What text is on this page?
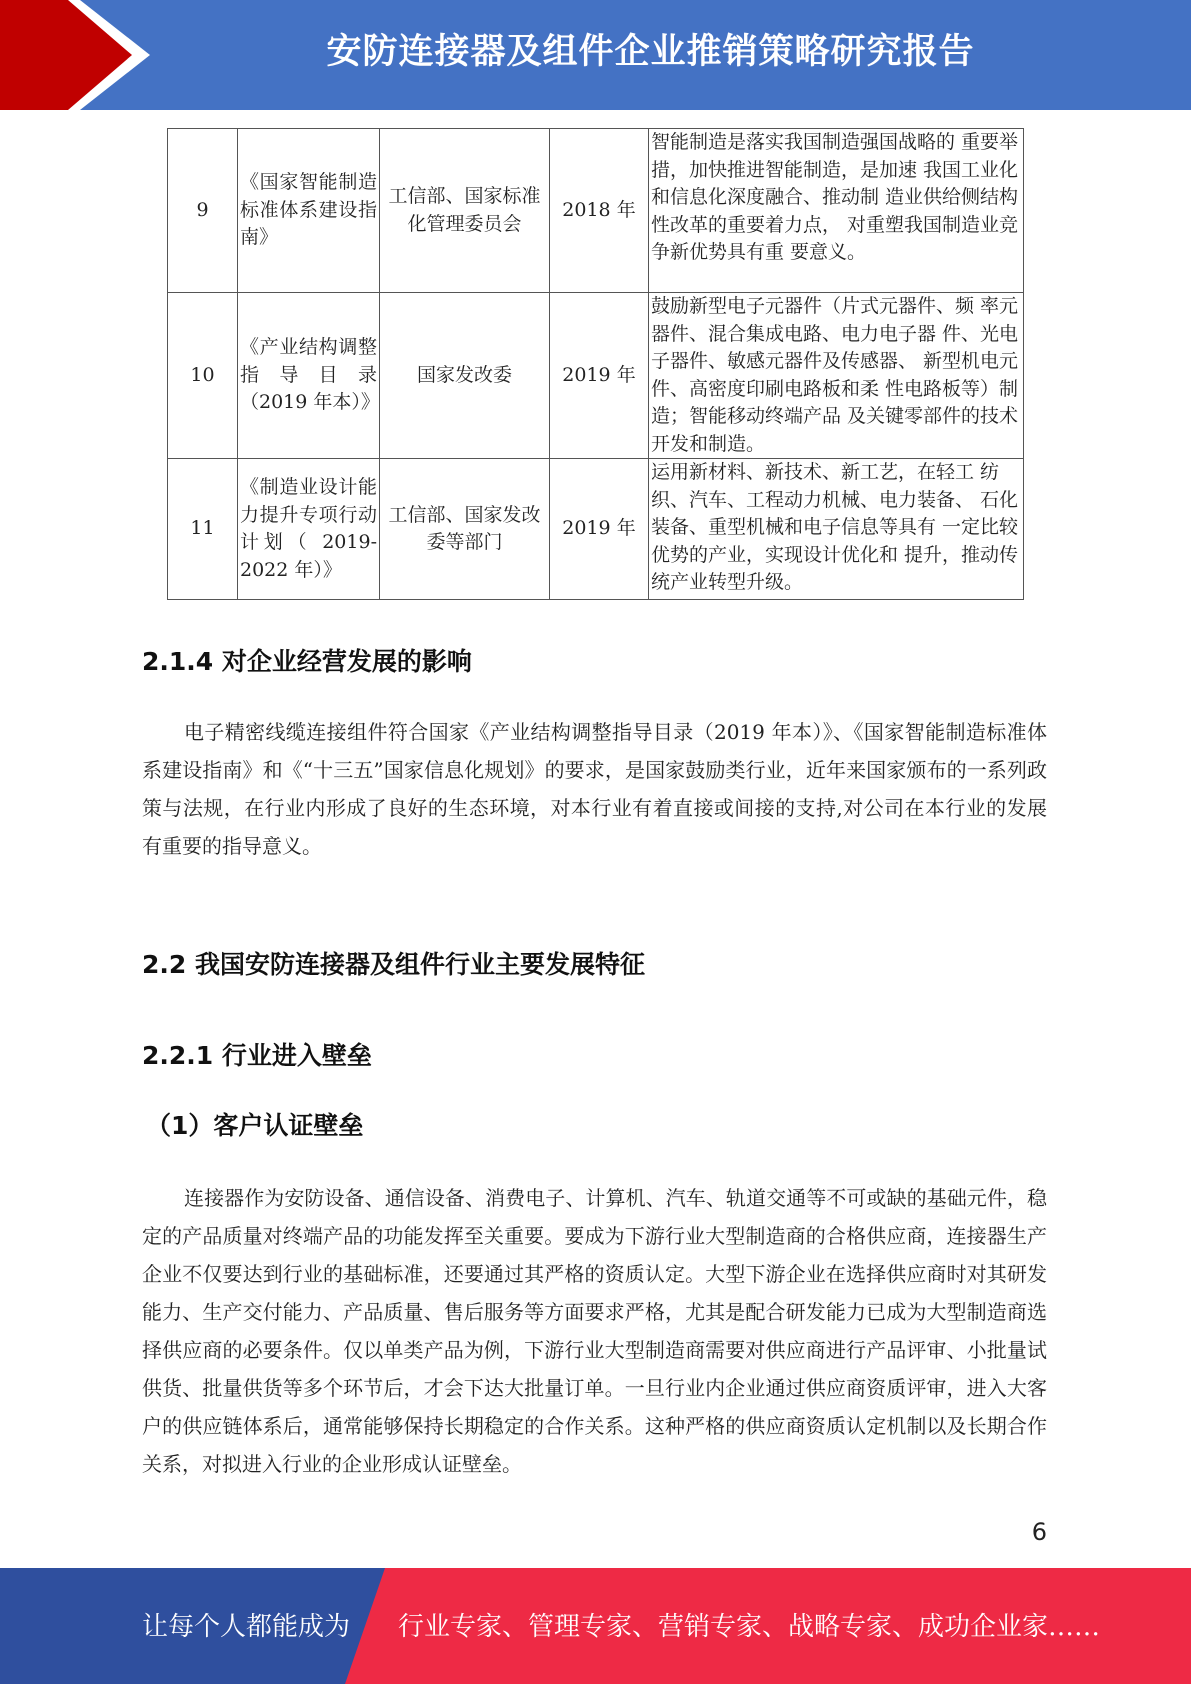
安防连接器及组件企业推销策略研究报告
9	《国家智能制造标准体系建设指南》	工信部、国家标准化管理委员会	2018 年	智能制造是落实我国制造强国战略的 重要举措，加快推进智能制造，是加速 我国工业化和信息化深度融合、推动制 造业供给侧结构性改革的重要着力点， 对重塑我国制造业竞争新优势具有重 要意义。
10	《产业结构调整指导目录（2019 年本）》	国家发改委	2019 年	鼓励新型电子元器件（片式元器件、频 率元器件、混合集成电路、电力电子器 件、光电子器件、敏感元器件及传感器、 新型机电元件、高密度印刷电路板和柔 性电路板等）制造；智能移动终端产品 及关键零部件的技术开发和制造。
11	《制造业设计能力提升专项行动计划（ 2019-2022 年）》	工信部、国家发改委等部门	2019 年	运用新材料、新技术、新工艺，在轻工 纺织、汽车、工程动力机械、电力装备、 石化装备、重型机械和电子信息等具有 一定比较优势的产业，实现设计优化和 提升，推动传统产业转型升级。
2.1.4 对企业经营发展的影响
电子精密线缆连接组件符合国家《产业结构调整指导目录（2019 年本）》、《国家智能制造标准体系建设指南》和《“十三五”国家信息化规划》的要求，是国家鼓励类行业，近年来国家颁布的一系列政策与法规，在行业内形成了良好的生态环境，对本行业有着直接或间接的支持,对公司在本行业的发展有重要的指导意义。
2.2 我国安防连接器及组件行业主要发展特征
2.2.1 行业进入壁垒
（1）客户认证壁垒
连接器作为安防设备、通信设备、消费电子、计算机、汽车、轨道交通等不可或缺的基础元件，稳定的产品质量对终端产品的功能发挥至关重要。要成为下游行业大型制造商的合格供应商，连接器生产企业不仅要达到行业的基础标准，还要通过其严格的资质认定。大型下游企业在选择供应商时对其研发能力、生产交付能力、产品质量、售后服务等方面要求严格，尤其是配合研发能力已成为大型制造商选择供应商的必要条件。仅以单类产品为例，下游行业大型制造商需要对供应商进行产品评审、小批量试供货、批量供货等多个环节后，才会下达大批量订单。一旦行业内企业通过供应商资质评审，进入大客户的供应链体系后，通常能够保持长期稳定的合作关系。这种严格的供应商资质认定机制以及长期合作关系，对拟进入行业的企业形成认证壁垒。
6
让每个人都能成为 行业专家、管理专家、营销专家、战略专家、成功企业家……
